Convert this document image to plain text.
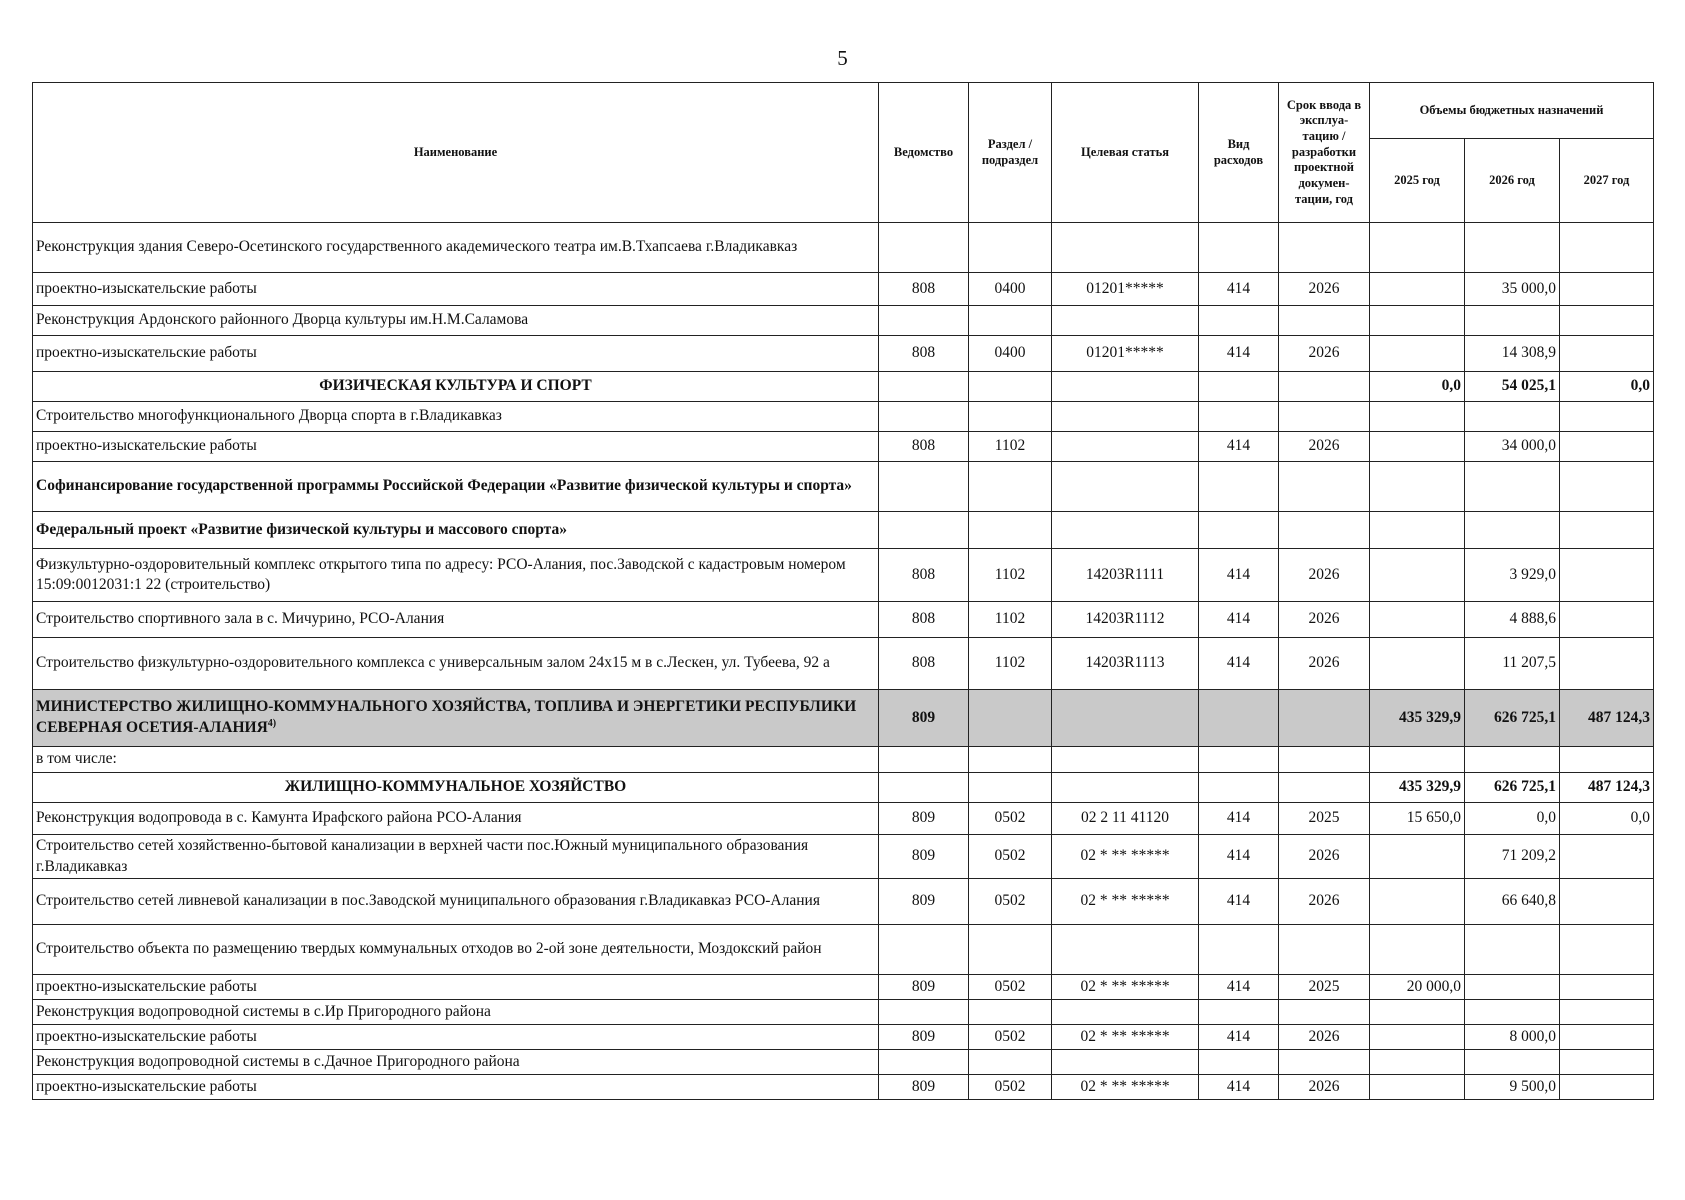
5
Наименование	Ведомство	Раздел / подраздел	Целевая статья	Вид расходов	Срок ввода в эксплуа-тацию / разработки проектной докумен-тации, год	Объемы бюджетных назначений		
						2025 год	2026 год	2027 год
Реконструкция здания Северо-Осетинского государственного академического театра им.В.Тхапсаева г.Владикавказ								
проектно-изыскательские работы	808	0400	01201*****	414	2026		35 000,0	
Реконструкция Ардонского районного Дворца культуры им.Н.М.Саламова								
проектно-изыскательские работы	808	0400	01201*****	414	2026		14 308,9	
ФИЗИЧЕСКАЯ КУЛЬТУРА И СПОРТ						0,0	54 025,1	0,0
Строительство многофункционального Дворца спорта в г.Владикавказ								
проектно-изыскательские работы	808	1102		414	2026		34 000,0	
Софинансирование государственной программы Российской Федерации «Развитие физической культуры и спорта»								
Федеральный проект «Развитие физической культуры и массового спорта»								
Физкультурно-оздоровительный комплекс открытого типа по адресу: РСО-Алания, пос.Заводской с кадастровым номером 15:09:0012031:1 22 (строительство)	808	1102	14203R1111	414	2026		3 929,0	
Строительство спортивного зала в с. Мичурино, РСО-Алания	808	1102	14203R1112	414	2026		4 888,6	
Строительство физкультурно-оздоровительного комплекса с универсальным залом 24х15 м в с.Лескен, ул. Тубеева, 92 а	808	1102	14203R1113	414	2026		11 207,5	
МИНИСТЕРСТВО ЖИЛИЩНО-КОММУНАЛЬНОГО ХОЗЯЙСТВА, ТОПЛИВА И ЭНЕРГЕТИКИ РЕСПУБЛИКИ СЕВЕРНАЯ ОСЕТИЯ-АЛАНИЯ$^{4)}$	809					435 329,9	626 725,1	487 124,3
в том числе:								
ЖИЛИЩНО-КОММУНАЛЬНОЕ ХОЗЯЙСТВО						435 329,9	626 725,1	487 124,3
Реконструкция водопровода в с. Камунта Ирафского района РСО-Алания	809	0502	02 2 11 41120	414	2025	15 650,0	0,0	0,0
Строительство сетей хозяйственно-бытовой канализации в верхней части пос.Южный муниципального образования г.Владикавказ	809	0502	02 * ** *****	414	2026		71 209,2	
Строительство сетей ливневой канализации в пос.Заводской муниципального образования г.Владикавказ РСО-Алания	809	0502	02 * ** *****	414	2026		66 640,8	
Строительство объекта по размещению твердых коммунальных отходов во 2-ой зоне деятельности, Моздокский район								
проектно-изыскательские работы	809	0502	02 * ** *****	414	2025	20 000,0		
Реконструкция водопроводной системы в с.Ир Пригородного района								
проектно-изыскательские работы	809	0502	02 * ** *****	414	2026		8 000,0	
Реконструкция водопроводной системы в с.Дачное Пригородного района								
проектно-изыскательские работы	809	0502	02 * ** *****	414	2026		9 500,0	
